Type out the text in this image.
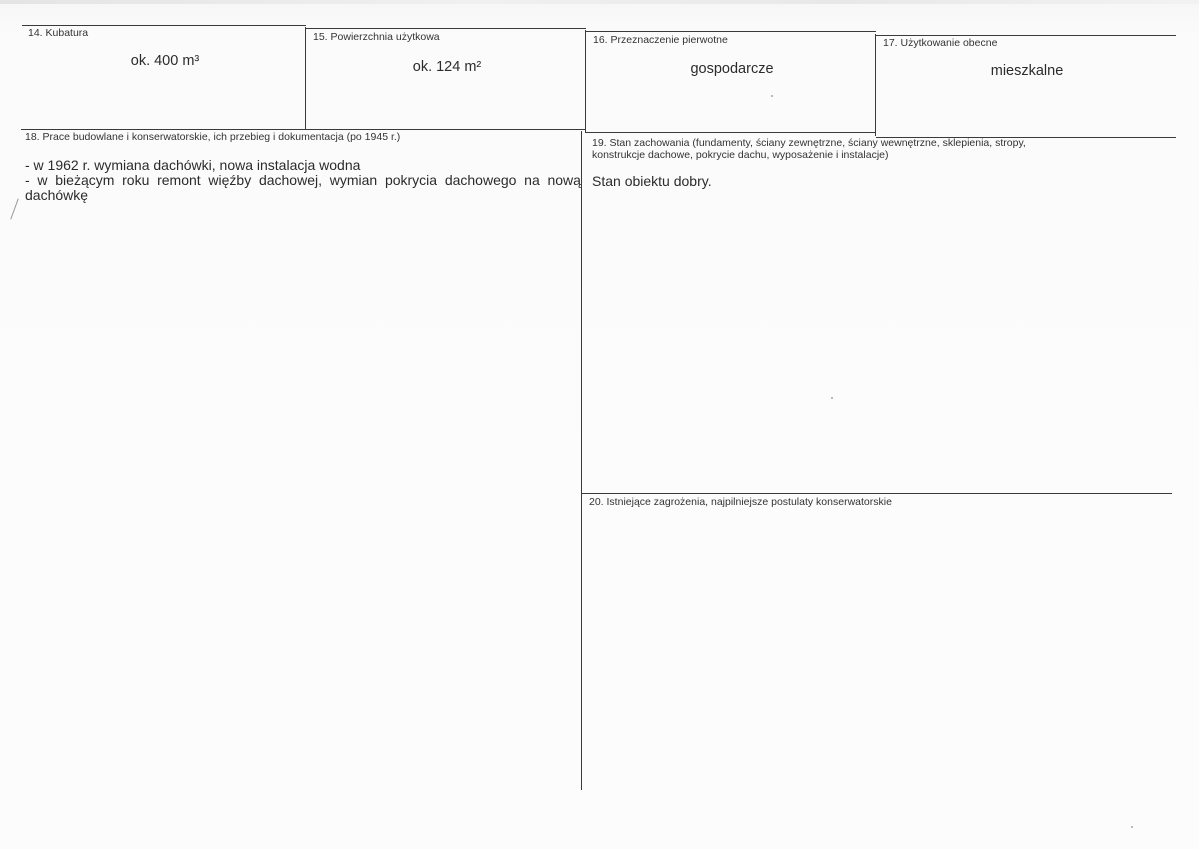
14. Kubatura
ok. 400 m³
15. Powierzchnia użytkowa
ok. 124 m²
16. Przeznaczenie pierwotne
gospodarcze
17. Użytkowanie obecne
mieszkalne
18. Prace budowlane i konserwatorskie, ich przebieg i dokumentacja (po 1945 r.)
- w 1962 r. wymiana dachówki, nowa instalacja wodna
- w bieżącym roku remont więźby dachowej, wymian pokrycia dachowego na nową
dachówkę
19. Stan zachowania (fundamenty, ściany zewnętrzne, ściany wewnętrzne, sklepienia, stropy,
konstrukcje dachowe, pokrycie dachu, wyposażenie i instalacje)
Stan obiektu dobry.
20. Istniejące zagrożenia, najpilniejsze postulaty konserwatorskie
